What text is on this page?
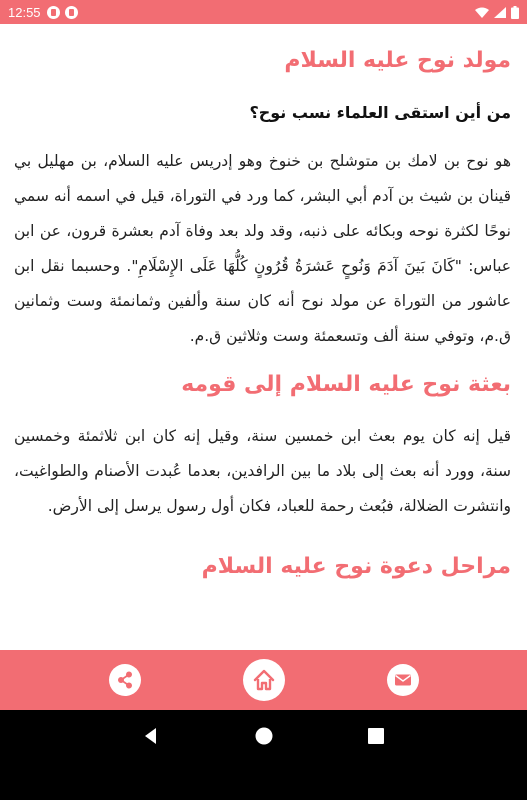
12:55
مولد نوح عليه السلام
من أين استقى العلماء نسب نوح؟

هو نوح بن لامك بن متوشلح بن خنوخ وهو إدريس عليه السلام، بن مهليل بي قينان بن شيث بن آدم أبي البشر، كما ورد في التوراة، قيل في اسمه أنه سمي نوحًا لكثرة نوحه وبكائه على ذنبه، وقد ولد بعد وفاة آدم بعشرة قرون، عن ابن عباس: "كَانَ بَينَ آدَمَ وَنُوحٍ عَشرَةُ قُرُونٍ كُلُّهَا عَلَى الإِسْلَامِ". وحسبما نقل ابن عاشور من التوراة عن مولد نوح أنه كان سنة وألفين وثمانمئة وست وثمانين ق.م، وتوفي سنة ألف وتسعمئة وست وثلاثين ق.م.

بعثة نوح عليه السلام إلى قومه

قيل إنه كان يوم بعث ابن خمسين سنة، وقيل إنه كان ابن ثلاثمئة وخمسين سنة، وورد أنه بعث إلى بلاد ما بين الرافدين، بعدما عُبدت الأصنام والطواغيت، وانتشرت الضلالة، فبُعث رحمة للعباد، فكان أول رسول يرسل إلى الأرض.

مراحل دعوة نوح عليه السلام
